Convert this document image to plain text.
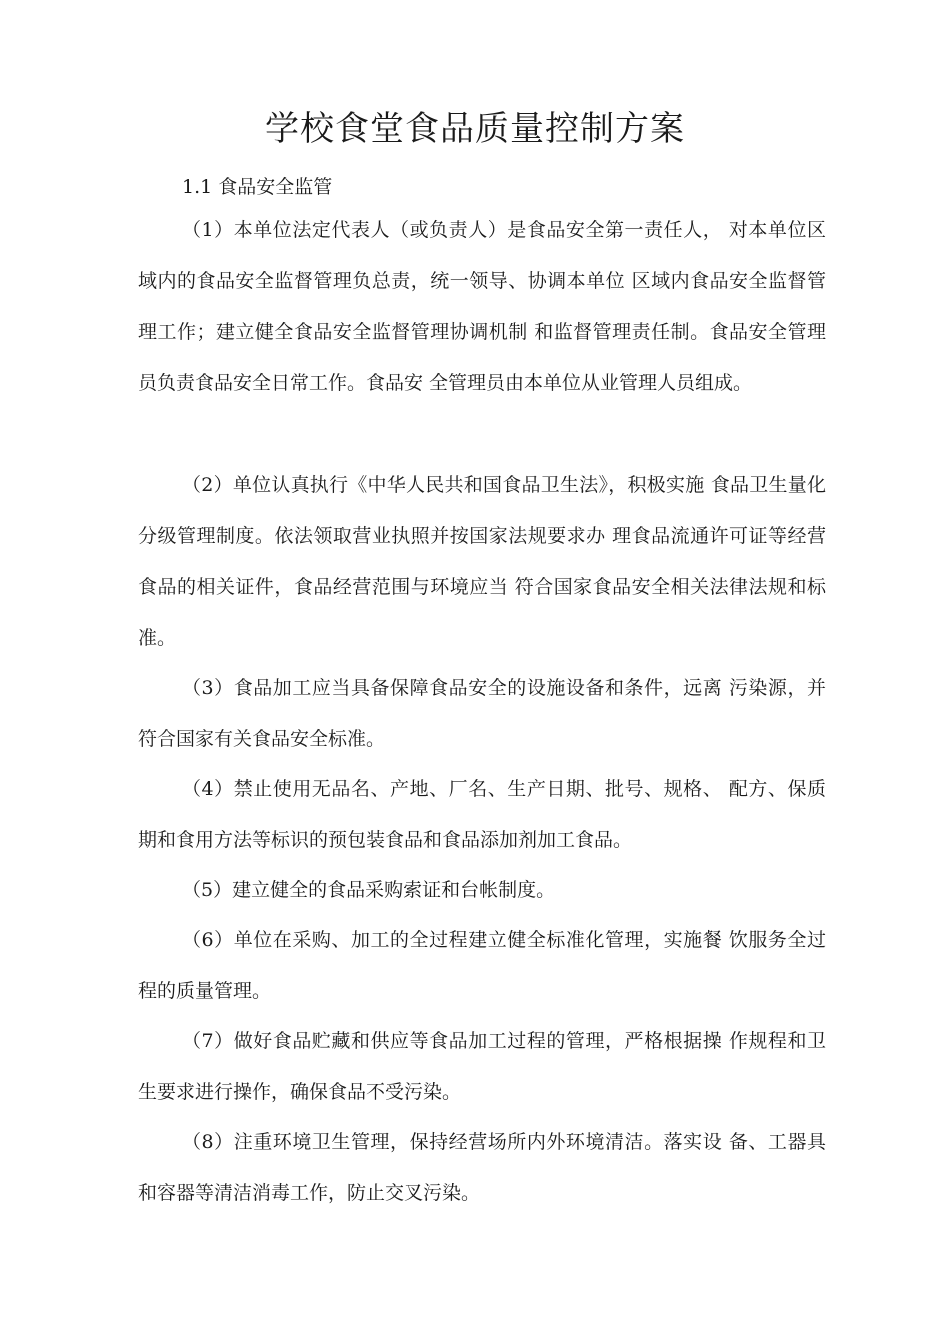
学校食堂食品质量控制方案

1.1 食品安全监管

（1）本单位法定代表人（或负责人）是食品安全第一责任人， 对本单位区域内的食品安全监督管理负总责，统一领导、协调本单位 区域内食品安全监督管理工作；建立健全食品安全监督管理协调机制 和监督管理责任制。食品安全管理员负责食品安全日常工作。食品安 全管理员由本单位从业管理人员组成。

（2）单位认真执行《中华人民共和国食品卫生法》，积极实施 食品卫生量化分级管理制度。依法领取营业执照并按国家法规要求办 理食品流通许可证等经营食品的相关证件，食品经营范围与环境应当 符合国家食品安全相关法律法规和标准。

（3）食品加工应当具备保障食品安全的设施设备和条件，远离 污染源，并符合国家有关食品安全标准。

（4）禁止使用无品名、产地、厂名、生产日期、批号、规格、 配方、保质期和食用方法等标识的预包装食品和食品添加剂加工食品。

（5）建立健全的食品采购索证和台帐制度。

（6）单位在采购、加工的全过程建立健全标准化管理，实施餐 饮服务全过程的质量管理。

（7）做好食品贮藏和供应等食品加工过程的管理，严格根据操 作规程和卫生要求进行操作，确保食品不受污染。

（8）注重环境卫生管理，保持经营场所内外环境清洁。落实设 备、工器具和容器等清洁消毒工作，防止交叉污染。
